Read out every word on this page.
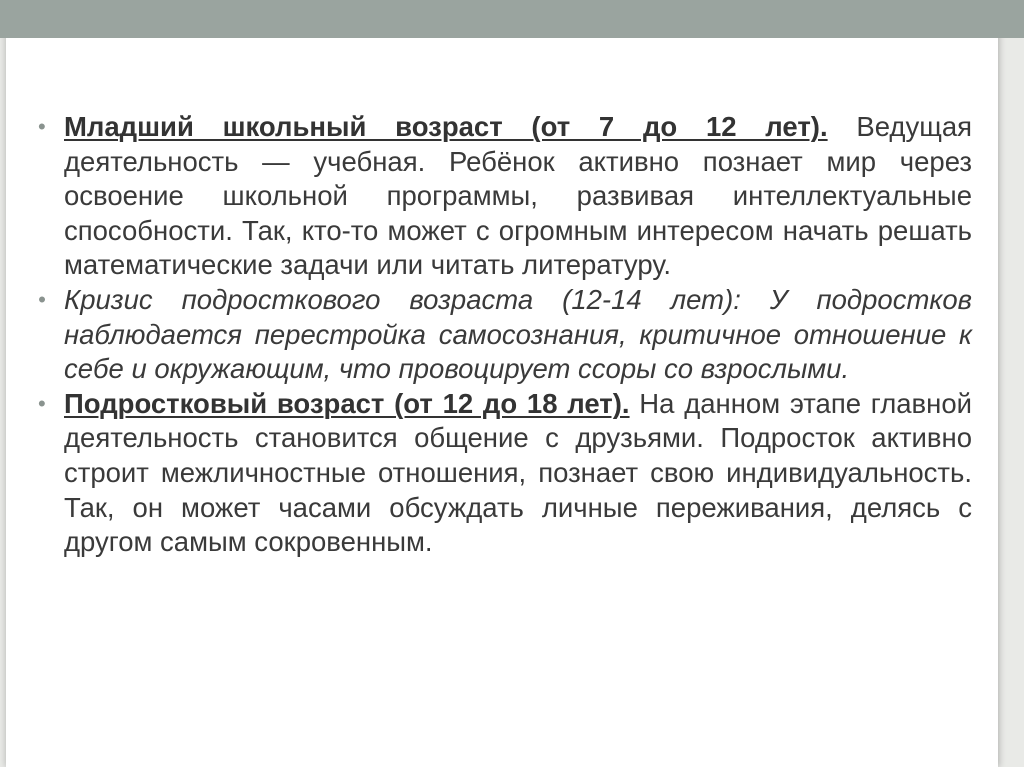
• Младший школьный возраст (от 7 до 12 лет). Ведущая деятельность — учебная. Ребёнок активно познает мир через освоение школьной программы, развивая интеллектуальные способности. Так, кто-то может с огромным интересом начать решать математические задачи или читать литературу.
• Кризис подросткового возраста (12-14 лет): У подростков наблюдается перестройка самосознания, критичное отношение к себе и окружающим, что провоцирует ссоры со взрослыми.
• Подростковый возраст (от 12 до 18 лет). На данном этапе главной деятельность становится общение с друзьями. Подросток активно строит межличностные отношения, познает свою индивидуальность. Так, он может часами обсуждать личные переживания, делясь с другом самым сокровенным.
